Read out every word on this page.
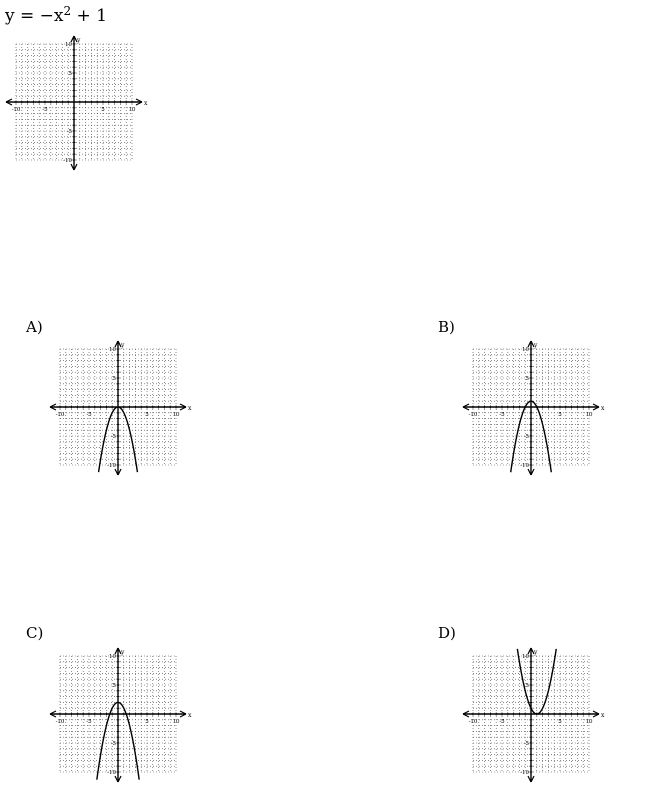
$y = -x^2 + 1$
x
y
-10	-5	5	10
10
5
-5
-10
A)
x
y
-10	-5	5	10
10
5
-5
-10
B)
x
y
-10	-5	5	10
10
5
-5
-10
C)
x
y
-10	-5	5	10
10
5
-5
-10
D)
x
y
-10	-5	5	10
10
5
-5
-10
